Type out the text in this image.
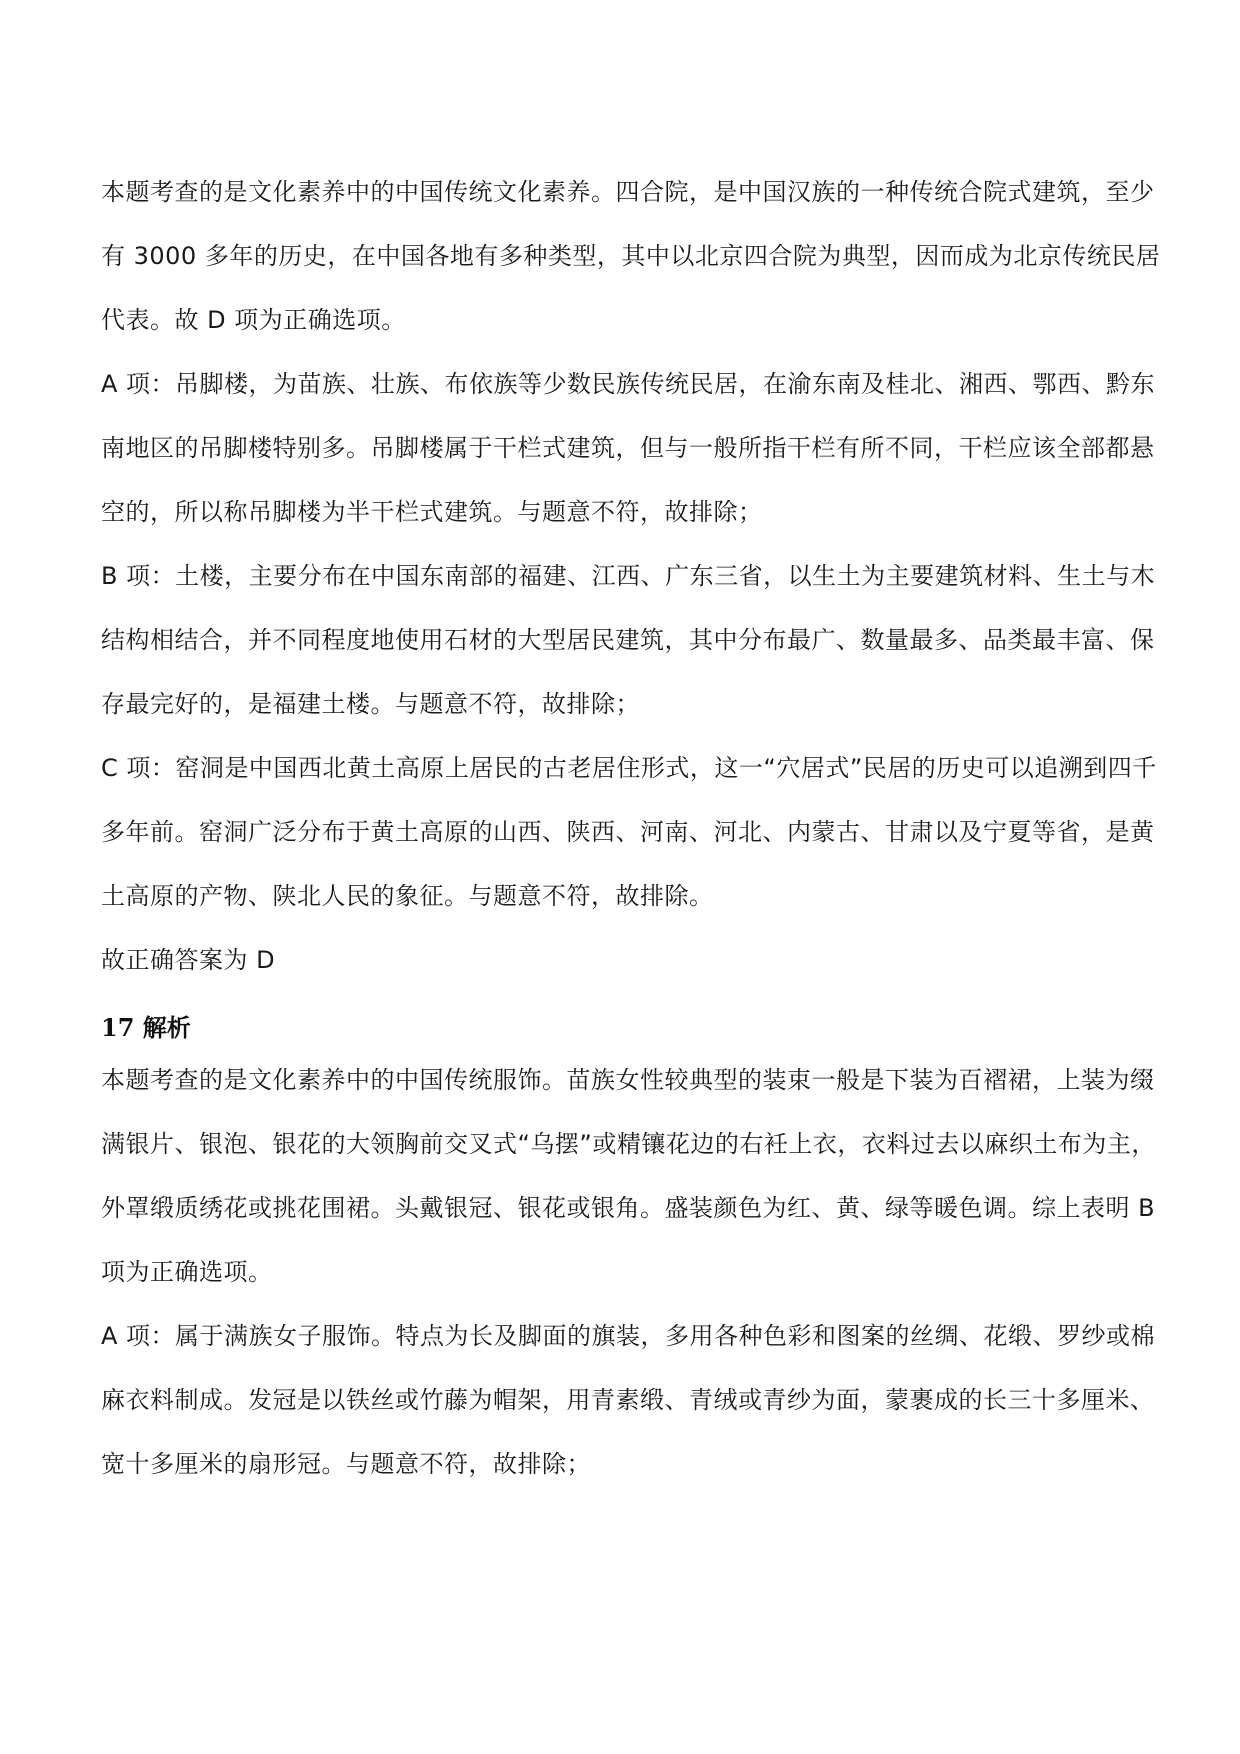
本题考查的是文化素养中的中国传统文化素养。四合院，是中国汉族的一种传统合院式建筑，至少有 3000 多年的历史，在中国各地有多种类型，其中以北京四合院为典型，因而成为北京传统民居代表。故 D 项为正确选项。

A 项：吊脚楼，为苗族、壮族、布依族等少数民族传统民居，在渝东南及桂北、湘西、鄂西、黔东南地区的吊脚楼特别多。吊脚楼属于干栏式建筑，但与一般所指干栏有所不同，干栏应该全部都悬空的，所以称吊脚楼为半干栏式建筑。与题意不符，故排除；

B 项：土楼，主要分布在中国东南部的福建、江西、广东三省，以生土为主要建筑材料、生土与木结构相结合，并不同程度地使用石材的大型居民建筑，其中分布最广、数量最多、品类最丰富、保存最完好的，是福建土楼。与题意不符，故排除；

C 项：窑洞是中国西北黄土高原上居民的古老居住形式，这一“穴居式”民居的历史可以追溯到四千多年前。窑洞广泛分布于黄土高原的山西、陕西、河南、河北、内蒙古、甘肃以及宁夏等省，是黄土高原的产物、陕北人民的象征。与题意不符，故排除。

故正确答案为 D

17 解析

本题考查的是文化素养中的中国传统服饰。苗族女性较典型的装束一般是下装为百褶裙，上装为缀满银片、银泡、银花的大领胸前交叉式“乌摆”或精镶花边的右衽上衣，衣料过去以麻织土布为主，外罩缎质绣花或挑花围裙。头戴银冠、银花或银角。盛装颜色为红、黄、绿等暖色调。综上表明 B 项为正确选项。

A 项：属于满族女子服饰。特点为长及脚面的旗装，多用各种色彩和图案的丝绸、花缎、罗纱或棉麻衣料制成。发冠是以铁丝或竹藤为帽架，用青素缎、青绒或青纱为面，蒙裹成的长三十多厘米、宽十多厘米的扇形冠。与题意不符，故排除；
